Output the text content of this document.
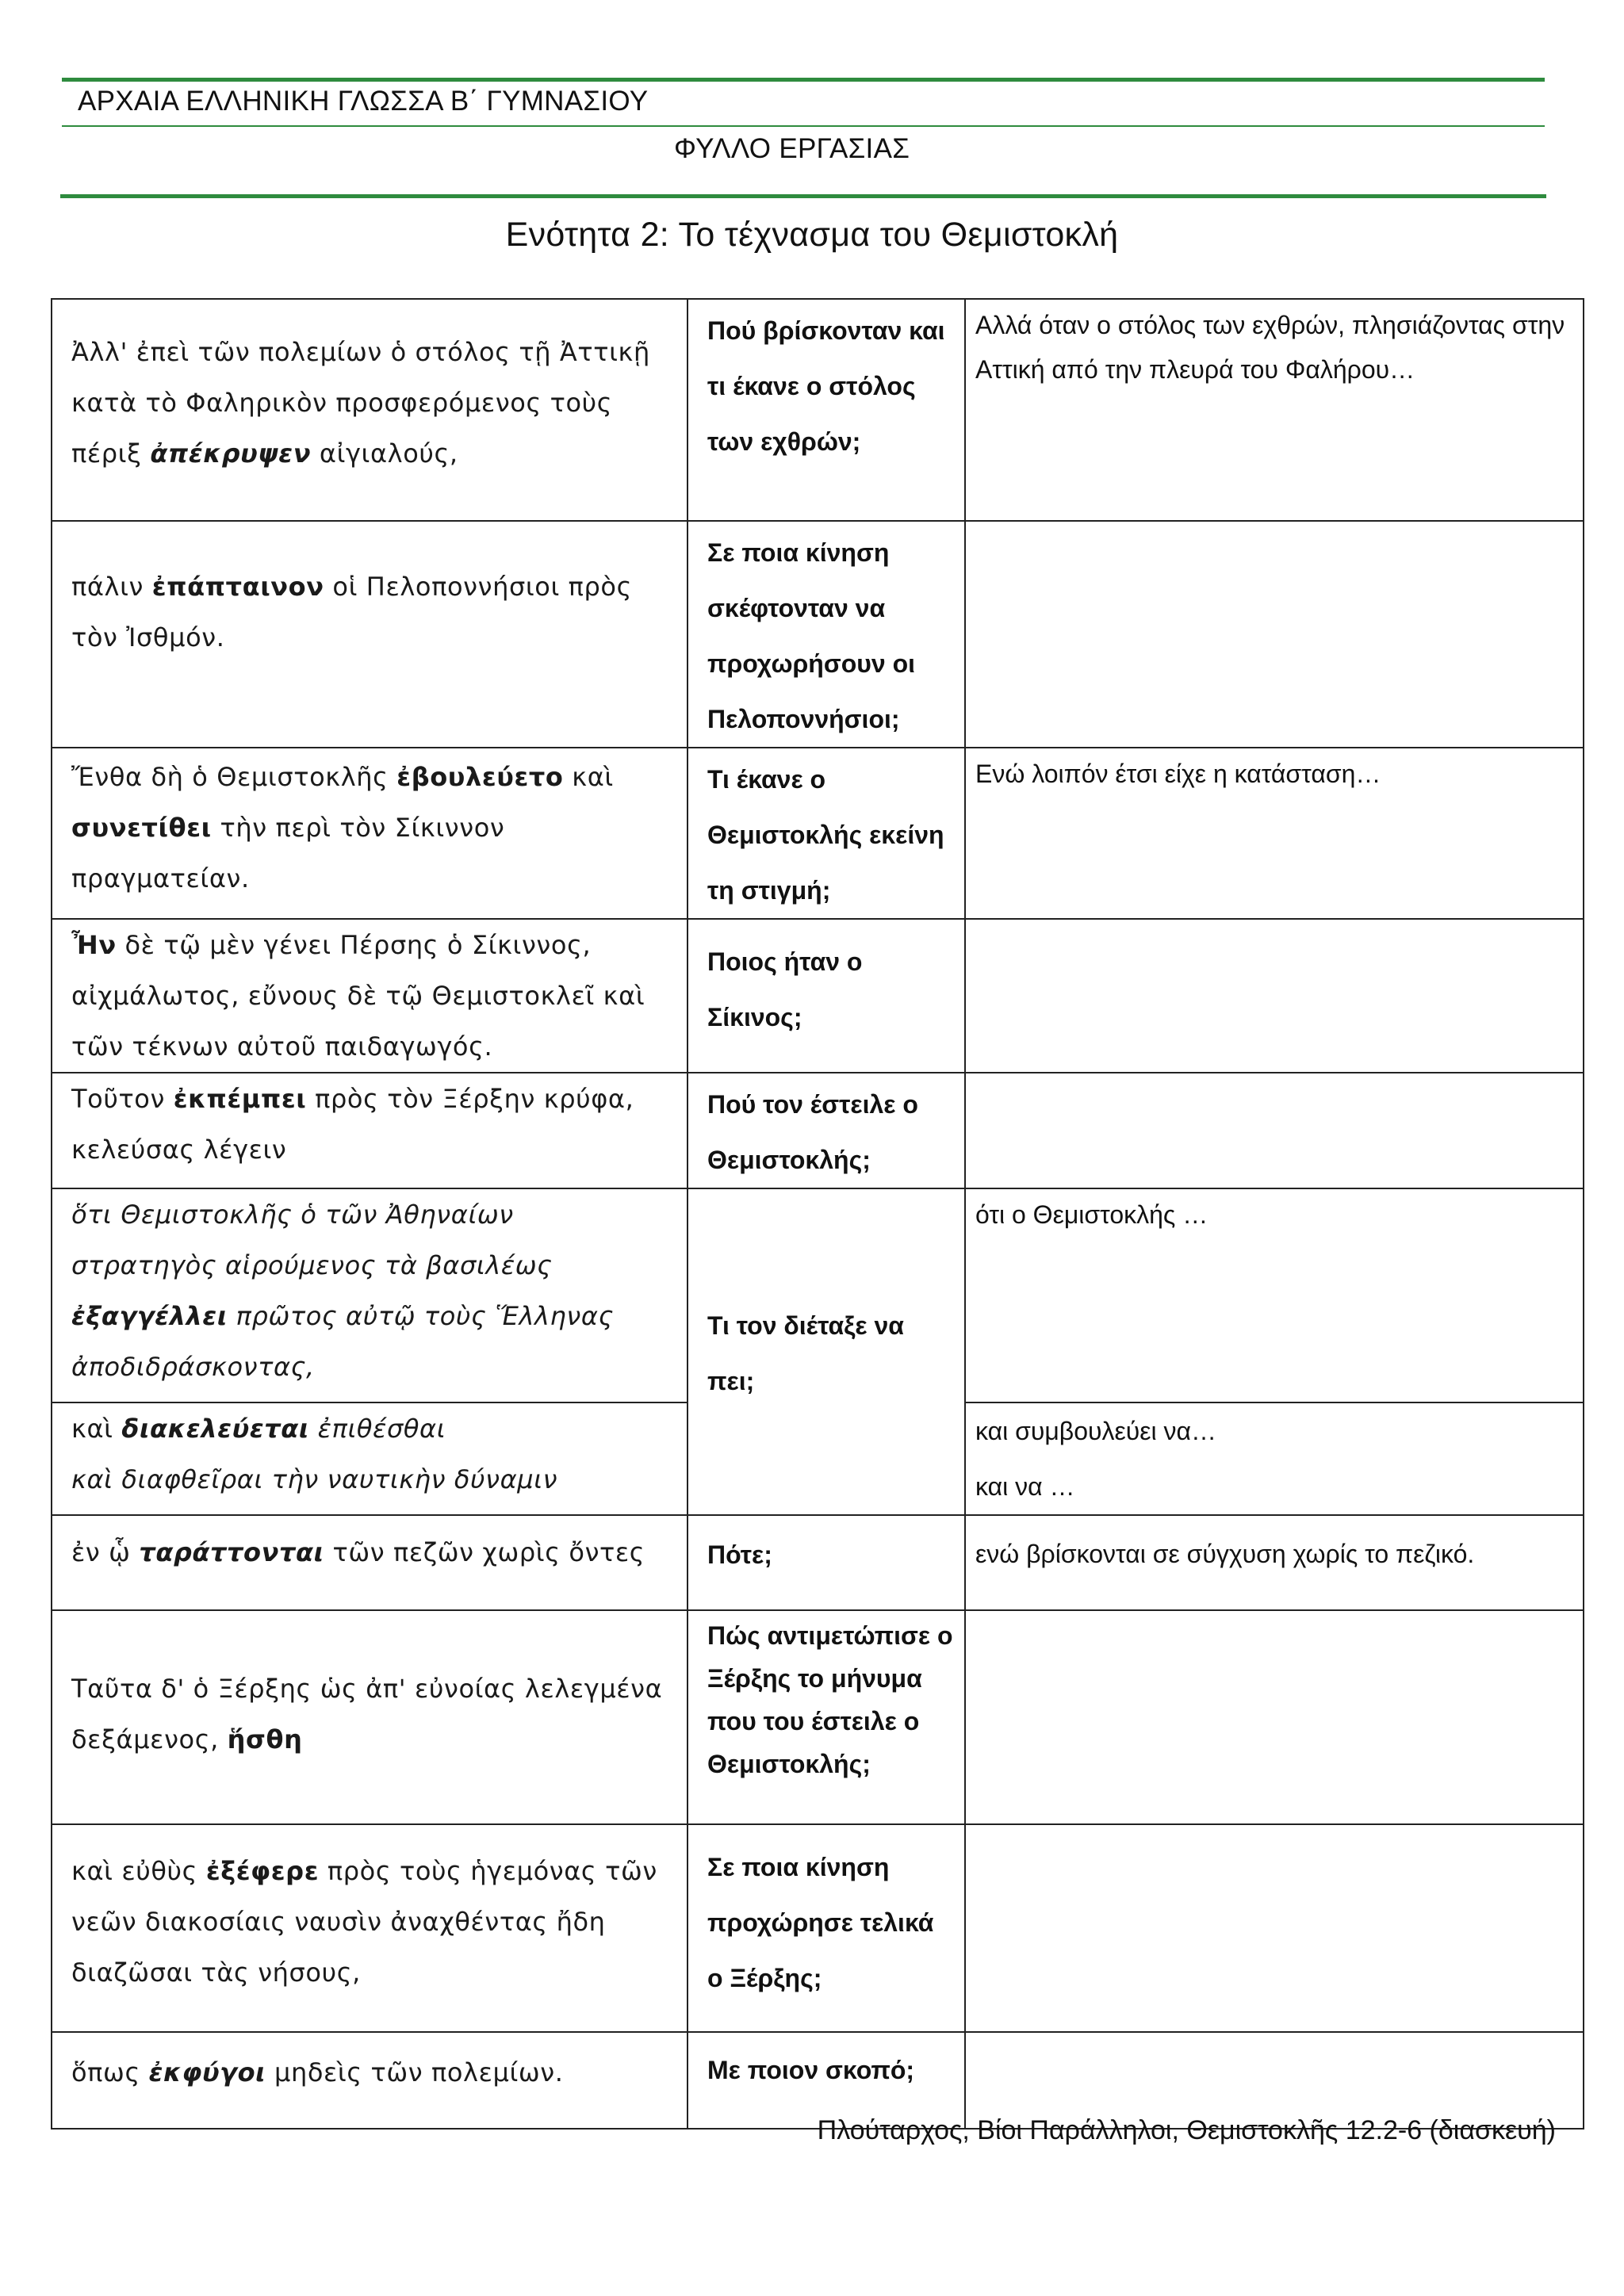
ΑΡΧΑΙΑ ΕΛΛΗΝΙΚΗ ΓΛΩΣΣΑ Β΄ ΓΥΜΝΑΣΙΟΥ
ΦΥΛΛΟ ΕΡΓΑΣΙΑΣ
Ενότητα 2: Το τέχνασμα του Θεμιστοκλή
Ἀλλ' ἐπεὶ τῶν πολεμίων ὁ στόλος τῇ Ἀττικῇ κατὰ τὸ Φαληρικὸν προσφερόμενος τοὺς πέριξ ἀπέκρυψεν αἰγιαλούς,	Πού βρίσκονταν και τι έκανε ο στόλος των εχθρών;	Αλλά όταν ο στόλος των εχθρών, πλησιάζοντας στην Αττική από την πλευρά του Φαλήρου…

πάλιν ἐπάπταινον οἱ Πελοποννήσιοι πρὸς τὸν Ἰσθμόν.	Σε ποια κίνηση σκέφτονταν να προχωρήσουν οι Πελοποννήσιοι;	

Ἔνθα δὴ ὁ Θεμιστοκλῆς ἐβουλεύετο καὶ συνετίθει τὴν περὶ τὸν Σίκιννον πραγματείαν.	Τι έκανε ο Θεμιστοκλής εκείνη τη στιγμή;	Ενώ λοιπόν έτσι είχε η κατάσταση…

Ἦν δὲ τῷ μὲν γένει Πέρσης ὁ Σίκιννος, αἰχμάλωτος, εὔνους δὲ τῷ Θεμιστοκλεῖ καὶ τῶν τέκνων αὐτοῦ παιδαγωγός.	Ποιος ήταν ο Σίκινος;	

Τοῦτον ἐκπέμπει πρὸς τὸν Ξέρξην κρύφα, κελεύσας λέγειν	Πού τον έστειλε ο Θεμιστοκλής;	

ὅτι Θεμιστοκλῆς ὁ τῶν Ἀθηναίων στρατηγὸς αἱρούμενος τὰ βασιλέως ἐξαγγέλλει πρῶτος αὐτῷ τοὺς Ἕλληνας ἀποδιδράσκοντας,	Τι τον διέταξε να πει;	ότι ο Θεμιστοκλής …

καὶ διακελεύεται ἐπιθέσθαι
καὶ διαφθεῖραι τὴν ναυτικὴν δύναμιν		και συμβουλεύει να…
και να …

ἐν ᾧ ταράττονται τῶν πεζῶν χωρὶς ὄντες	Πότε;	ενώ βρίσκονται σε σύγχυση χωρίς το πεζικό.

Ταῦτα δ' ὁ Ξέρξης ὡς ἀπ' εὐνοίας λελεγμένα δεξάμενος, ἥσθη	Πώς αντιμετώπισε ο Ξέρξης το μήνυμα που του έστειλε ο Θεμιστοκλής;	

καὶ εὐθὺς ἐξέφερε πρὸς τοὺς ἡγεμόνας τῶν νεῶν διακοσίαις ναυσὶν ἀναχθέντας ἤδη διαζῶσαι τὰς νήσους,	Σε ποια κίνηση προχώρησε τελικά ο Ξέρξης;	

ὅπως ἐκφύγοι μηδεὶς τῶν πολεμίων.	Με ποιον σκοπό;	

Πλούταρχος, Βίοι Παράλληλοι, Θεμιστοκλῆς 12.2-6 (διασκευή)
